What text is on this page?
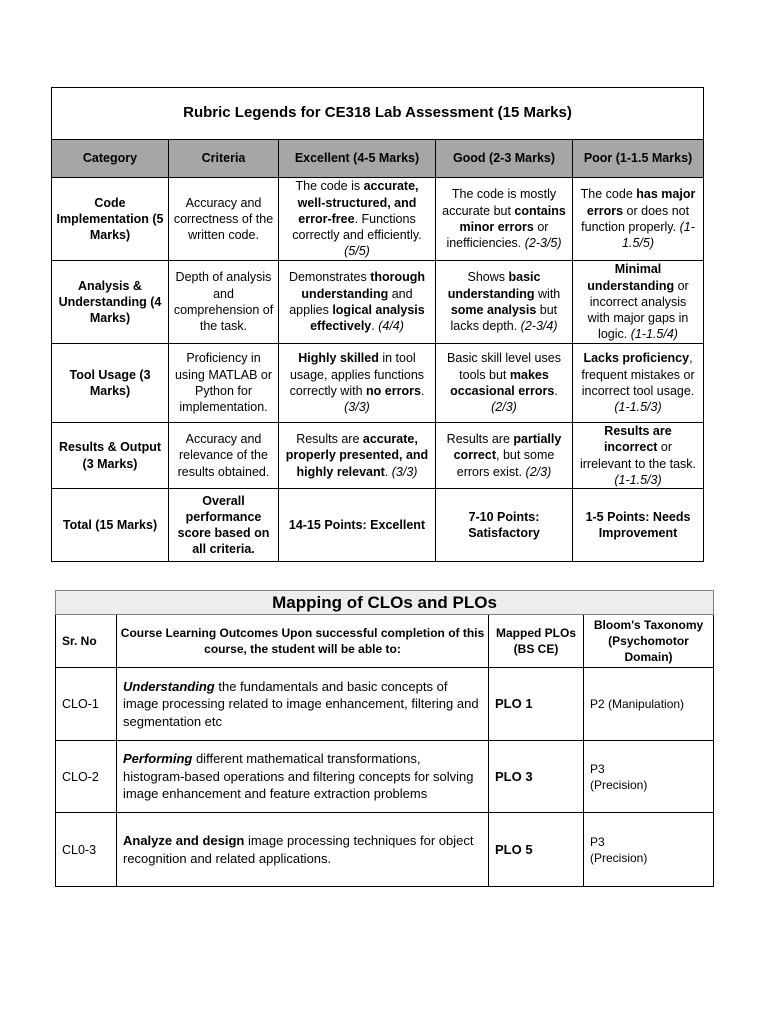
Rubric Legends for CE318 Lab Assessment (15 Marks)				
Category	Criteria	Excellent (4-5 Marks)	Good (2-3 Marks)	Poor (1-1.5 Marks)
Code Implementation (5 Marks)	Accuracy and correctness of the written code.	The code is accurate, well-structured, and error-free. Functions correctly and efficiently. (5/5)	The code is mostly accurate but contains minor errors or inefficiencies. (2-3/5)	The code has major errors or does not function properly. (1-1.5/5)
Analysis & Understanding (4 Marks)	Depth of analysis and comprehension of the task.	Demonstrates thorough understanding and applies logical analysis effectively. (4/4)	Shows basic understanding with some analysis but lacks depth. (2-3/4)	Minimal understanding or incorrect analysis with major gaps in logic. (1-1.5/4)
Tool Usage (3 Marks)	Proficiency in using MATLAB or Python for implementation.	Highly skilled in tool usage, applies functions correctly with no errors. (3/3)	Basic skill level uses tools but makes occasional errors. (2/3)	Lacks proficiency, frequent mistakes or incorrect tool usage. (1-1.5/3)
Results & Output (3 Marks)	Accuracy and relevance of the results obtained.	Results are accurate, properly presented, and highly relevant. (3/3)	Results are partially correct, but some errors exist. (2/3)	Results are incorrect or irrelevant to the task. (1-1.5/3)
Total (15 Marks)	Overall performance score based on all criteria.	14-15 Points: Excellent	7-10 Points: Satisfactory	1-5 Points: Needs Improvement
Mapping of CLOs and PLOs			
Sr. No	Course Learning Outcomes Upon successful completion of this course, the student will be able to:	Mapped PLOs (BS CE)	Bloom's Taxonomy (Psychomotor Domain)
CLO-1	Understanding the fundamentals and basic concepts of image processing related to image enhancement, filtering and segmentation etc	PLO 1	P2 (Manipulation)
CLO-2	Performing different mathematical transformations, histogram-based operations and filtering concepts for solving image enhancement and feature extraction problems	PLO 3	P3
(Precision)
CL0-3	Analyze and design image processing techniques for object recognition and related applications.	PLO 5	P3
(Precision)
